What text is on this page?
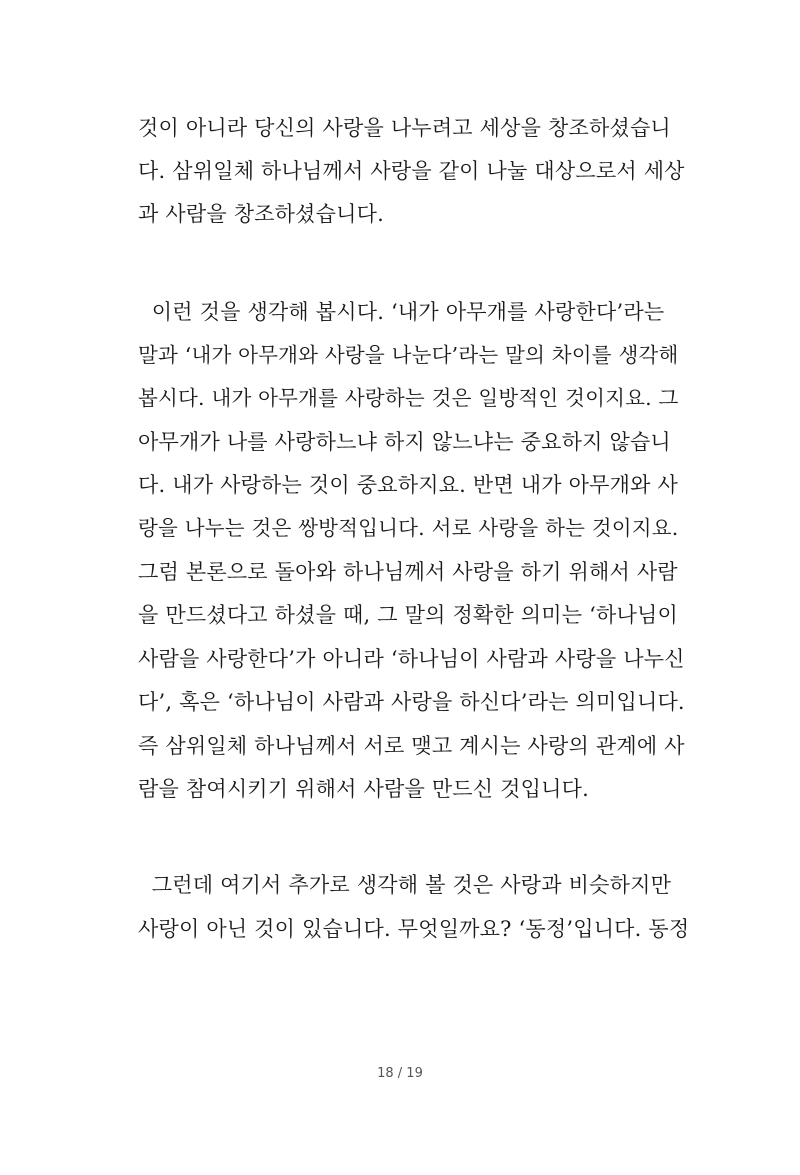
것이 아니라 당신의 사랑을 나누려고 세상을 창조하셨습니
다. 삼위일체 하나님께서 사랑을 같이 나눌 대상으로서 세상
과 사람을 창조하셨습니다.
이런 것을 생각해 봅시다. ‘내가 아무개를 사랑한다’라는
말과 ‘내가 아무개와 사랑을 나눈다’라는 말의 차이를 생각해
봅시다. 내가 아무개를 사랑하는 것은 일방적인 것이지요. 그
아무개가 나를 사랑하느냐 하지 않느냐는 중요하지 않습니
다. 내가 사랑하는 것이 중요하지요. 반면 내가 아무개와 사
랑을 나누는 것은 쌍방적입니다. 서로 사랑을 하는 것이지요.
그럼 본론으로 돌아와 하나님께서 사랑을 하기 위해서 사람
을 만드셨다고 하셨을 때, 그 말의 정확한 의미는 ‘하나님이
사람을 사랑한다’가 아니라 ‘하나님이 사람과 사랑을 나누신
다’, 혹은 ‘하나님이 사람과 사랑을 하신다’라는 의미입니다.
즉 삼위일체 하나님께서 서로 맺고 계시는 사랑의 관계에 사
람을 참여시키기 위해서 사람을 만드신 것입니다.
그런데 여기서 추가로 생각해 볼 것은 사랑과 비슷하지만
사랑이 아닌 것이 있습니다. 무엇일까요? ‘동정’입니다. 동정
18 / 19
